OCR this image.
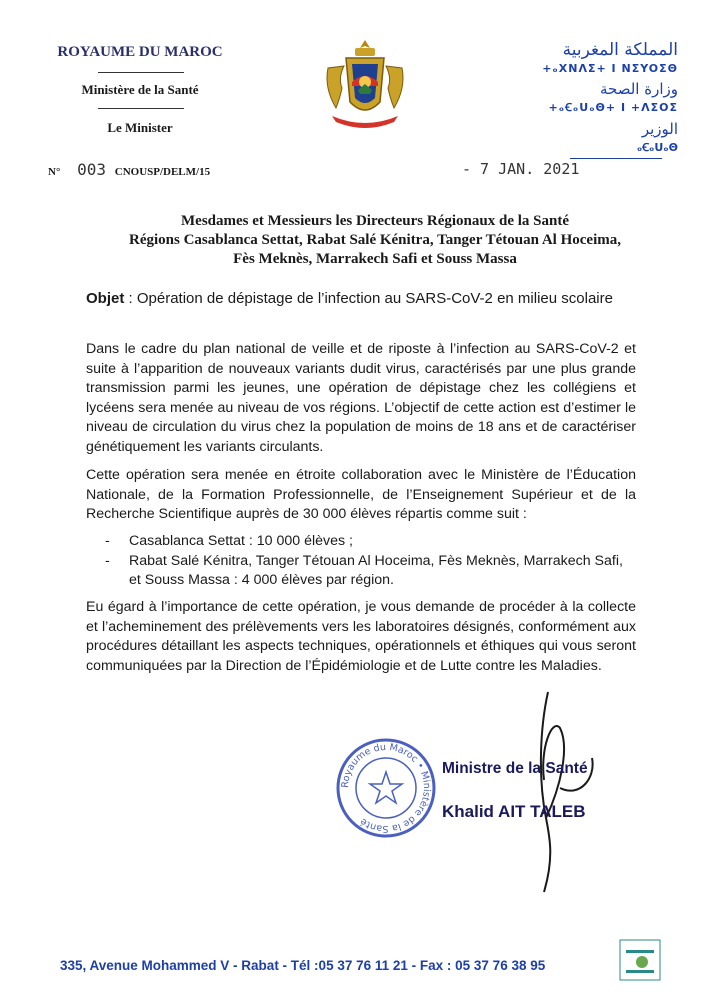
ROYAUME DU MAROC
Ministère de la Santé
Le Minister
المملكة المغربية
+ₒXNΛΣ+ I NΣYOΣΘ
وزارة الصحة
+ₒꞒₒUₒΘ+ I +ΛΣOΣ
الوزير
ₒꞒₒUₒΘ
N° 003 CNOUSP/DELM/15	- 7 JAN. 2021
Mesdames et Messieurs les Directeurs Régionaux de la Santé
Régions Casablanca Settat, Rabat Salé Kénitra, Tanger Tétouan Al Hoceima,
Fès Meknès, Marrakech Safi et Souss Massa
Objet : Opération de dépistage de l’infection au SARS-CoV-2 en milieu scolaire

Dans le cadre du plan national de veille et de riposte à l’infection au SARS-CoV-2 et suite à l’apparition de nouveaux variants dudit virus, caractérisés par une plus grande transmission parmi les jeunes, une opération de dépistage chez les collégiens et lycéens sera menée au niveau de vos régions. L’objectif de cette action est d’estimer le niveau de circulation du virus chez la population de moins de 18 ans et de caractériser génétiquement les variants circulants.

Cette opération sera menée en étroite collaboration avec le Ministère de l’Éducation Nationale, de la Formation Professionnelle, de l’Enseignement Supérieur et de la Recherche Scientifique auprès de 30 000 élèves répartis comme suit :

- Casablanca Settat : 10 000 élèves ;
- Rabat Salé Kénitra, Tanger Tétouan Al Hoceima, Fès Meknès, Marrakech Safi, et Souss Massa : 4 000 élèves par région.

Eu égard à l’importance de cette opération, je vous demande de procéder à la collecte et l’acheminement des prélèvements vers les laboratoires désignés, conformément aux procédures détaillant les aspects techniques, opérationnels et éthiques qui vous seront communiquées par la Direction de l’Épidémiologie et de Lutte contre les Maladies.

Royaume du Maroc • Ministère de la Santé
Ministre de la Santé
Khalid AIT TALEB
335, Avenue Mohammed V - Rabat - Tél :05 37 76 11 21 - Fax : 05 37 76 38 95
